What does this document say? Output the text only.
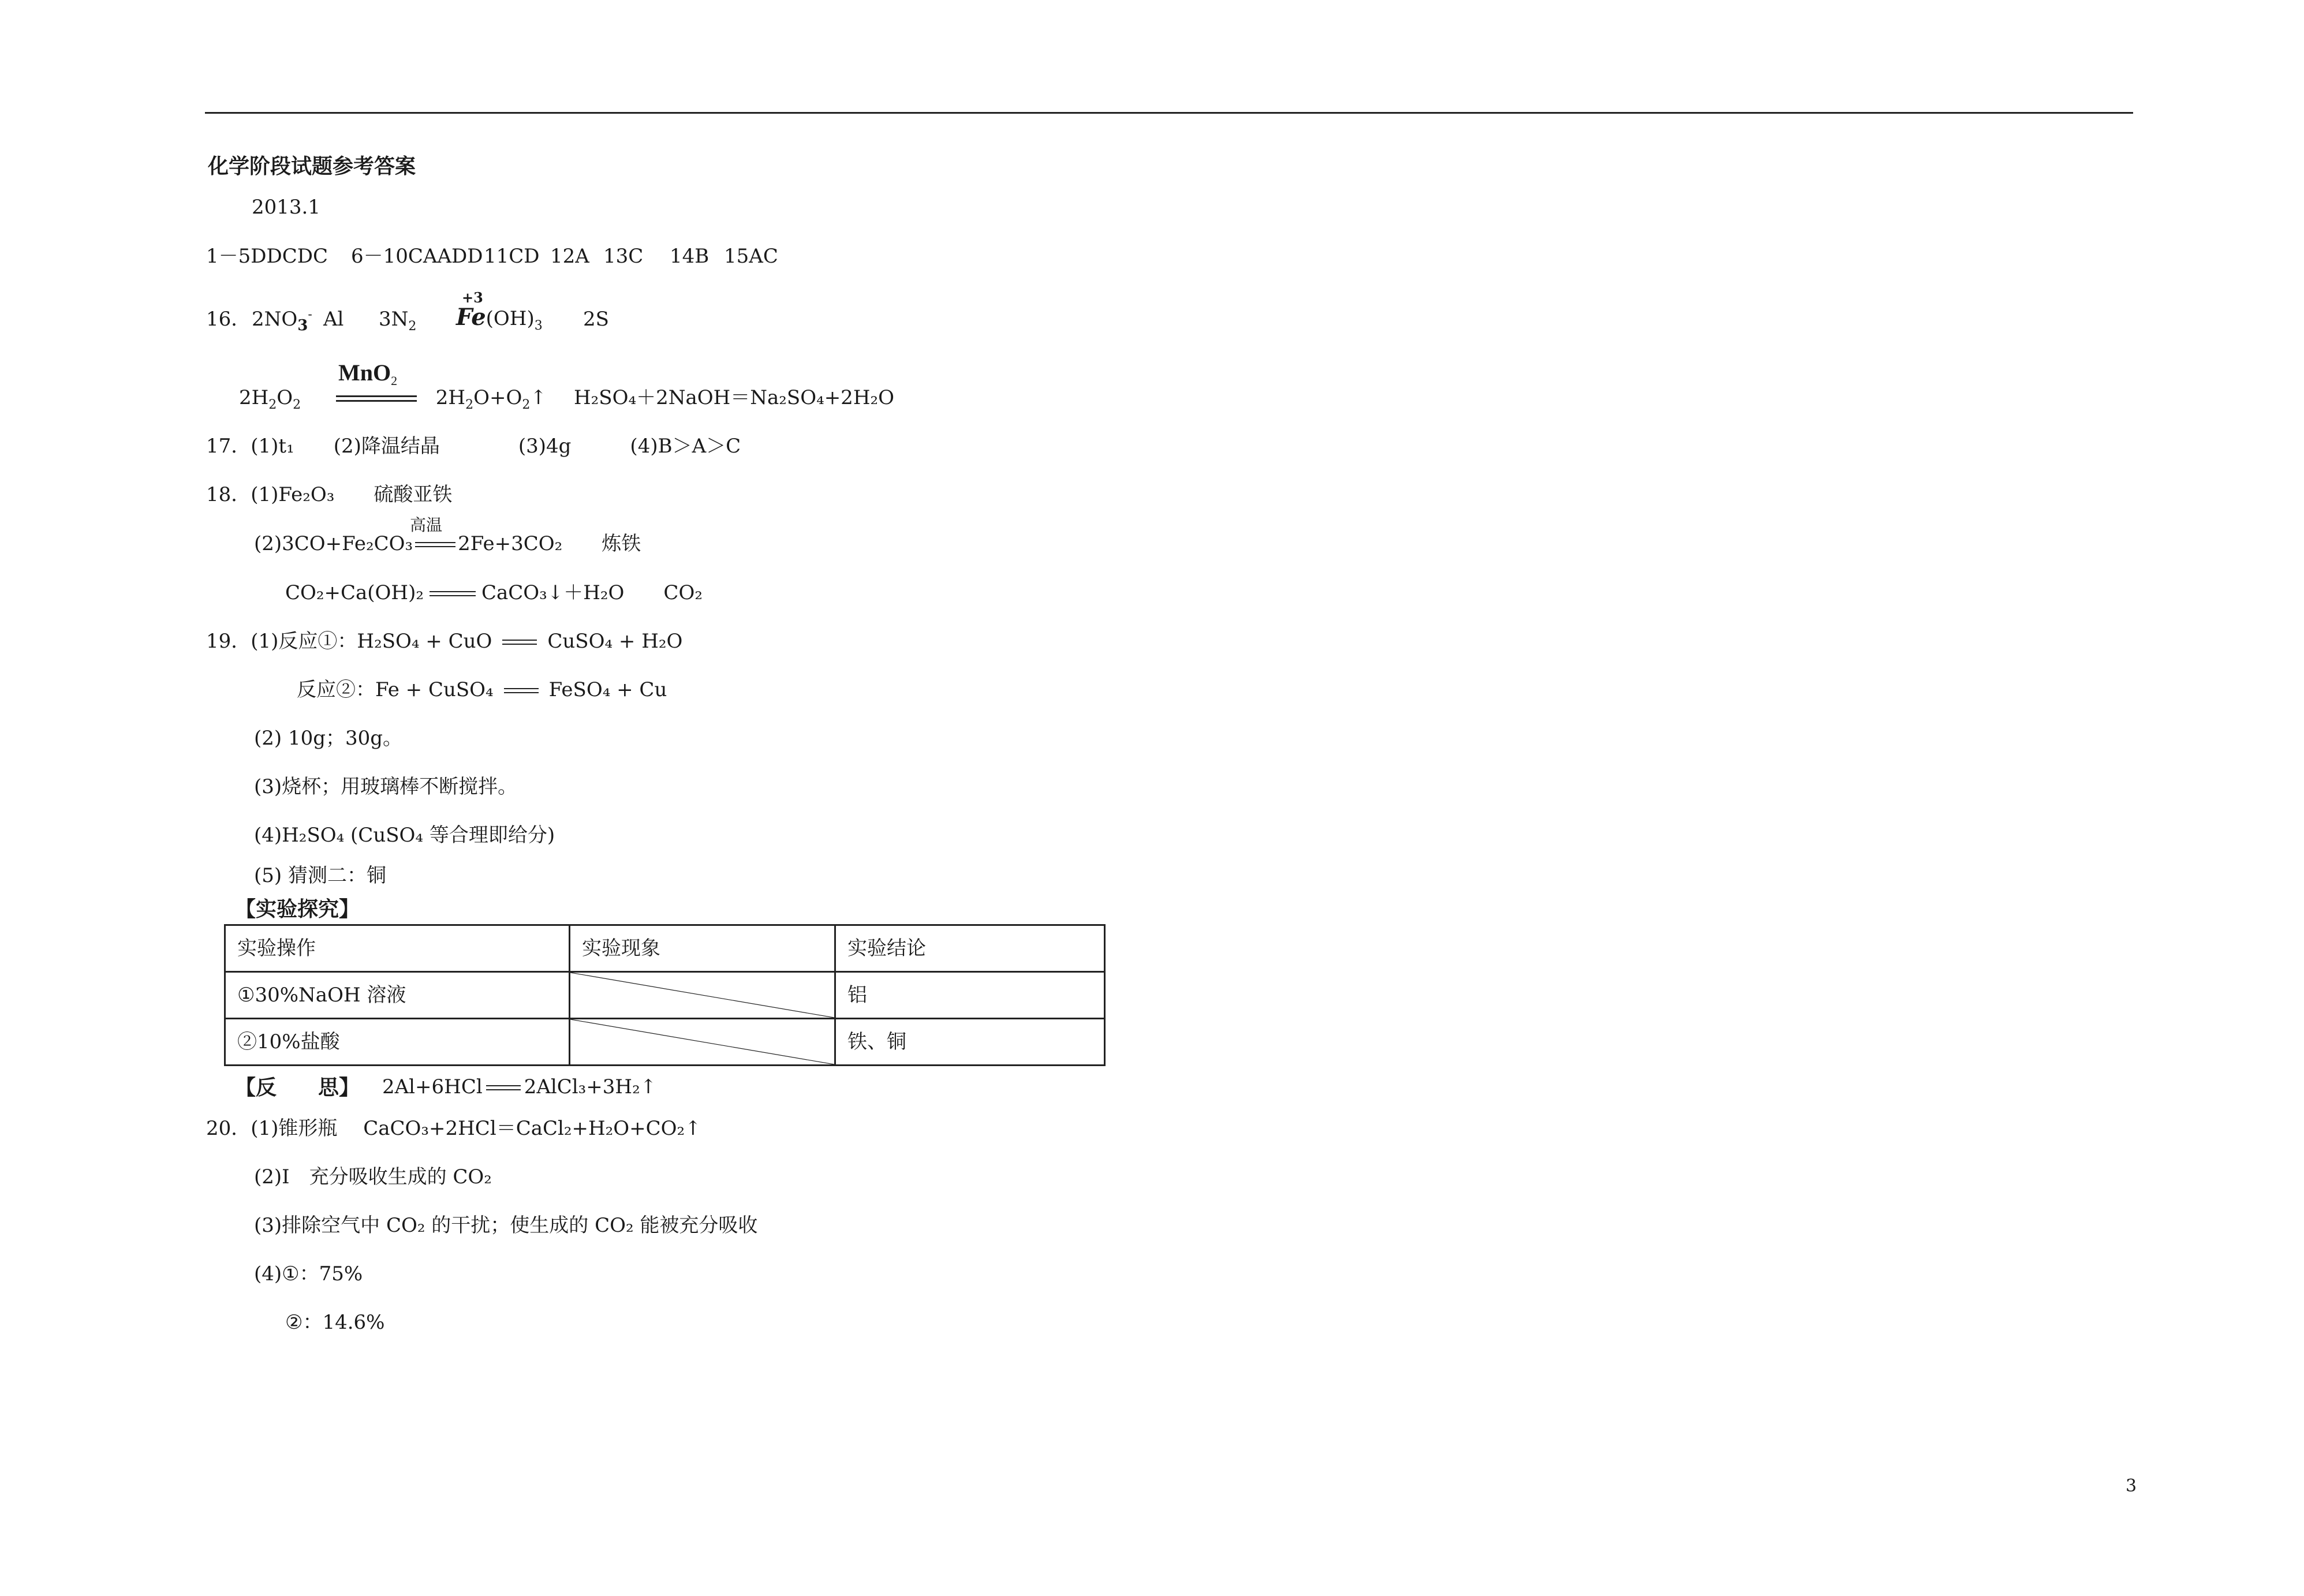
化学阶段试题参考答案
2013.1
1－5DDCDC 6－10CAADD 11CD 12A 13C 14B 15AC
16． $2NO_3^-$ Al $3N_2$
+3
$Fe(OH)_3$ 2S
MnO$_2$
$2H_2O_2$	$2H_2O+O_2↑$ H₂SO₄＋2NaOH＝Na₂SO₄+2H₂O
17．(1)t₁　　(2)降温结晶　　　　(3)4g　　　(4)B＞A＞C
18．(1)Fe₂O₃　　硫酸亚铁
高温
(2)3CO+Fe₂CO₃ 2Fe+3CO₂　　炼铁
CO₂+Ca(OH)₂	CaCO₃↓＋H₂O　　CO₂
19．(1)反应①：H₂SO₄ + CuO	CuSO₄ + H₂O
反应②：Fe + CuSO₄	FeSO₄ + Cu
(2) 10g；30g。
(3)烧杯；用玻璃棒不断搅拌。
(4)H₂SO₄ (CuSO₄ 等合理即给分)
(5) 猜测二：铜
【实验探究】
实验操作	实验现象	实验结论
①30%NaOH 溶液		铝
②10%盐酸		铁、铜
【反　　思】 2Al+6HCl 2AlCl₃+3H₂↑
20．(1)锥形瓶　 CaCO₃+2HCl＝CaCl₂+H₂O+CO₂↑
(2)I　充分吸收生成的 CO₂
(3)排除空气中 CO₂ 的干扰；使生成的 CO₂ 能被充分吸收
(4)①：75%
②：14.6%
3
